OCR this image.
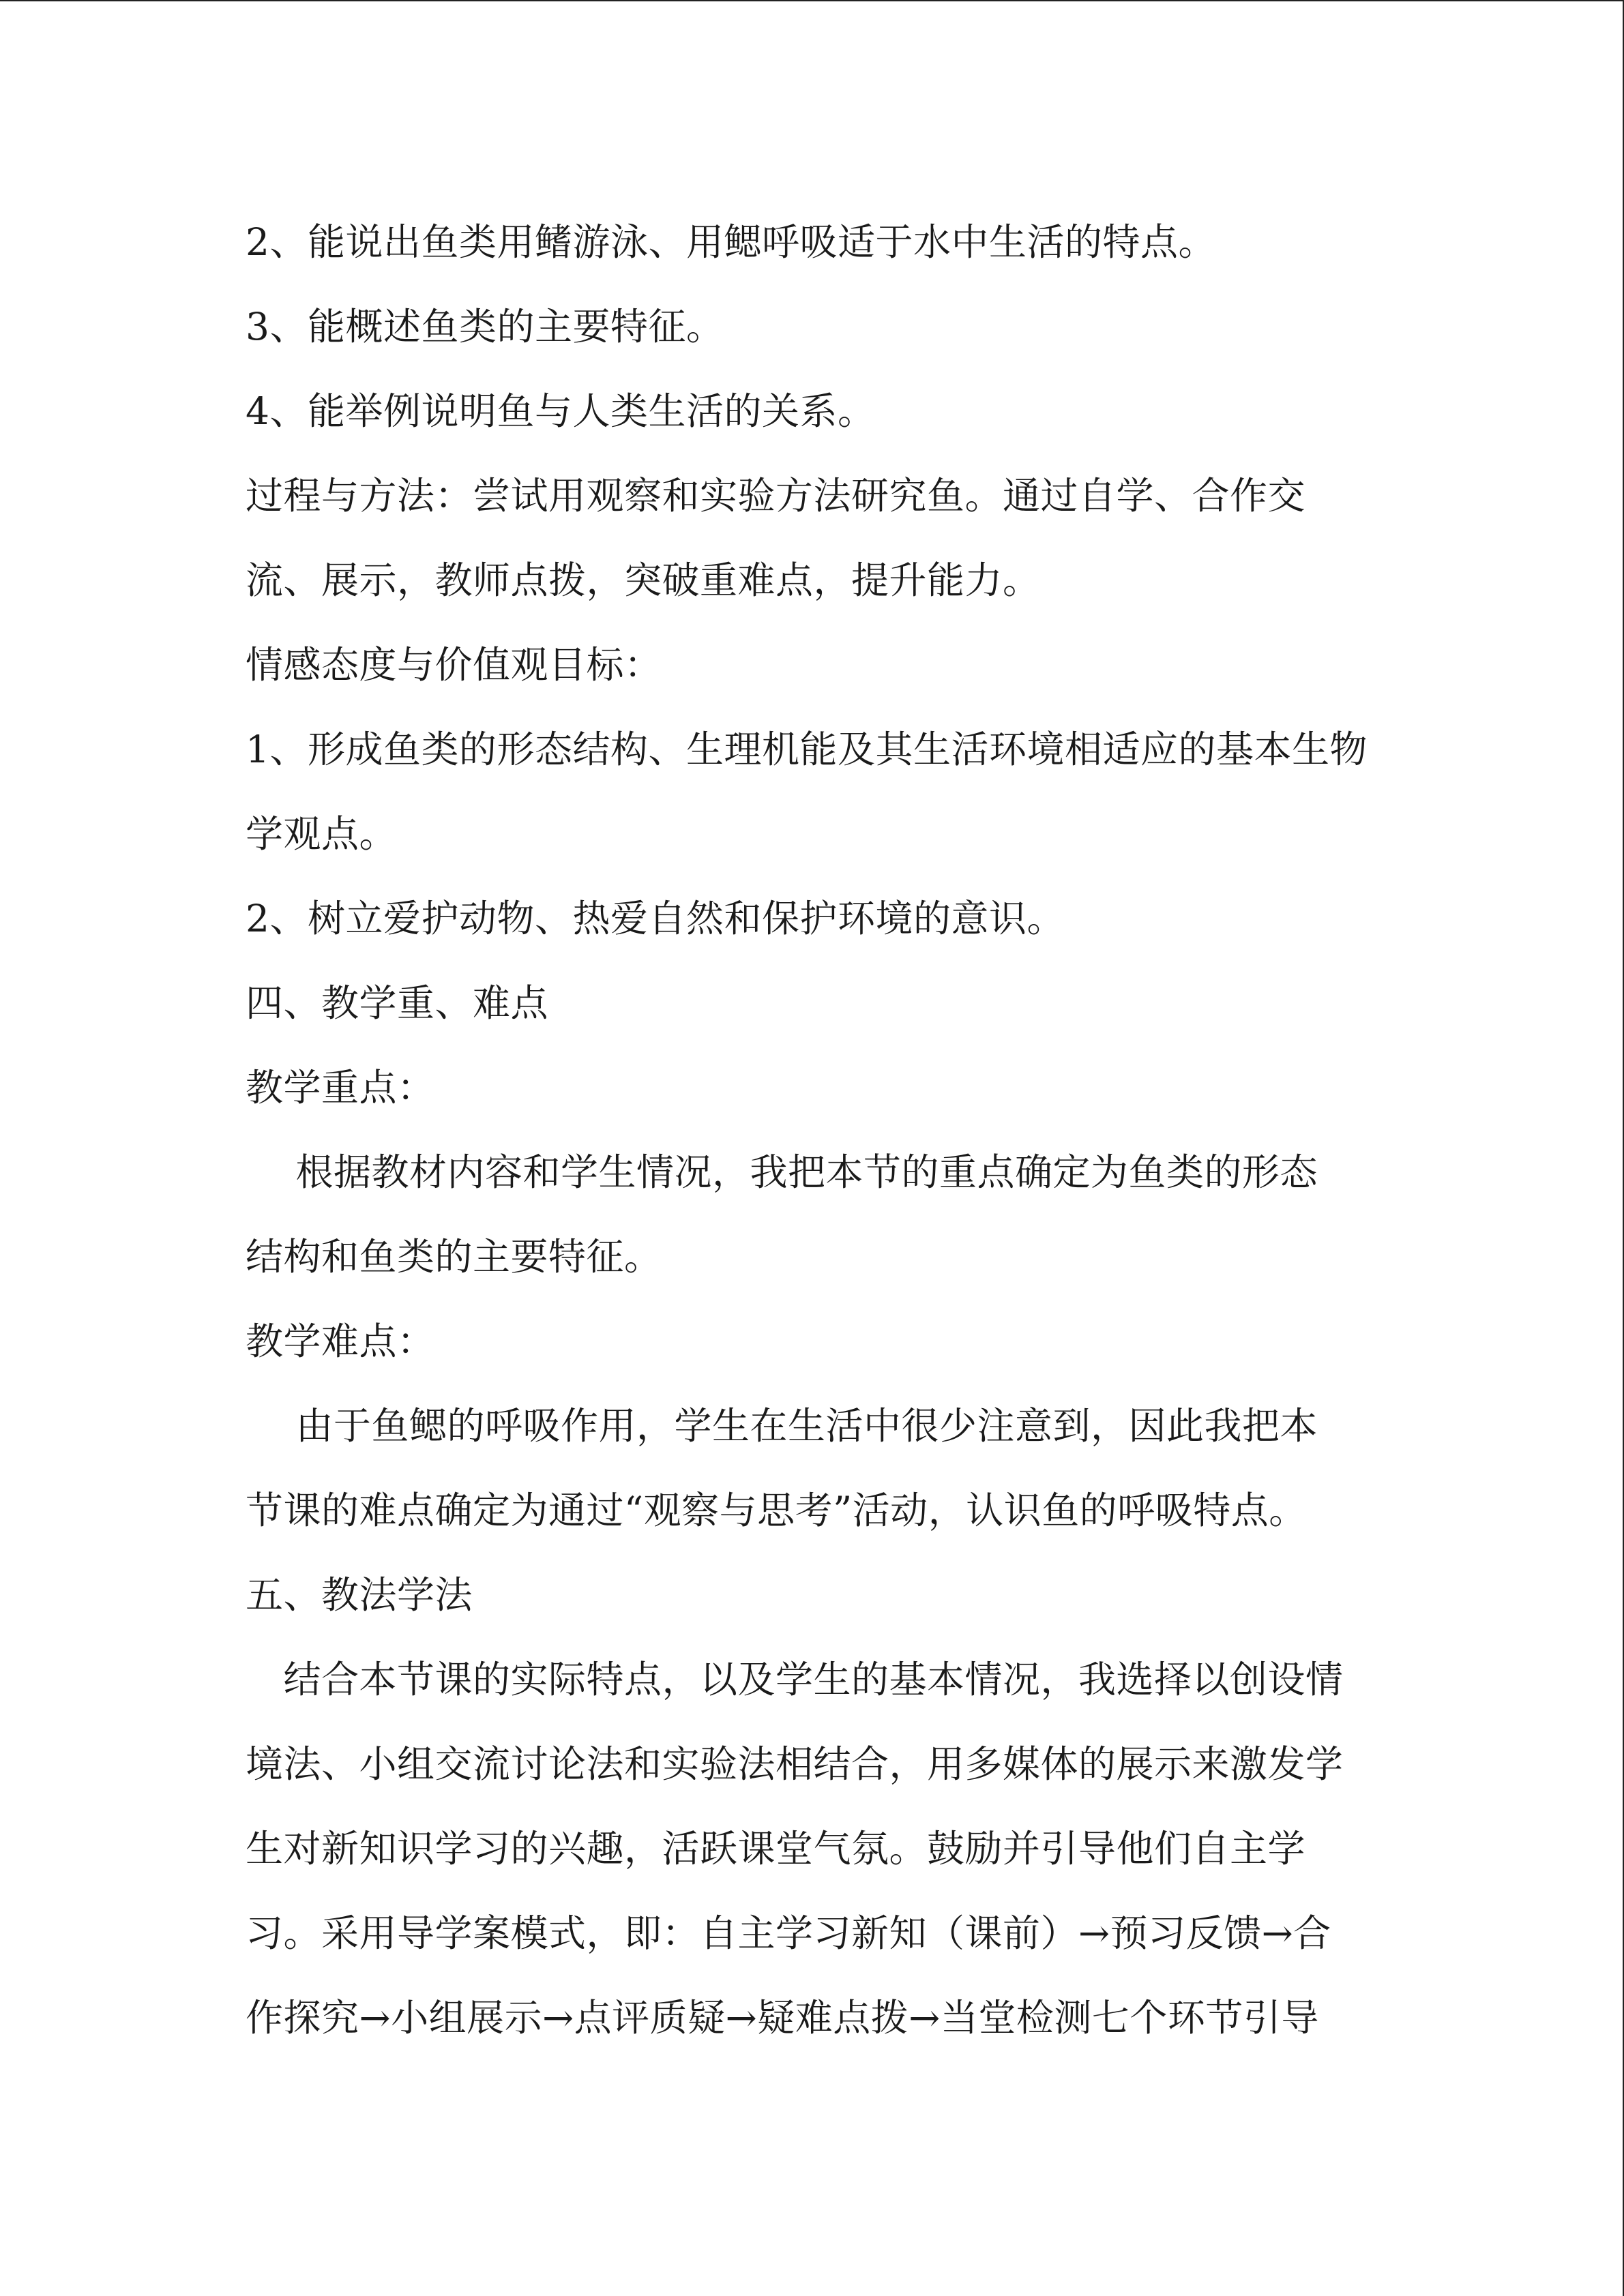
2、能说出鱼类用鳍游泳、用鳃呼吸适于水中生活的特点。
3、能概述鱼类的主要特征。
4、能举例说明鱼与人类生活的关系。
过程与方法：尝试用观察和实验方法研究鱼。通过自学、合作交
流、展示，教师点拨，突破重难点，提升能力。
情感态度与价值观目标：
1、形成鱼类的形态结构、生理机能及其生活环境相适应的基本生物
学观点。
2、树立爱护动物、热爱自然和保护环境的意识。
四、教学重、难点
教学重点：
　 根据教材内容和学生情况，我把本节的重点确定为鱼类的形态
结构和鱼类的主要特征。
教学难点：
　 由于鱼鳃的呼吸作用，学生在生活中很少注意到，因此我把本
节课的难点确定为通过“观察与思考”活动，认识鱼的呼吸特点。
五、教法学法
　结合本节课的实际特点，以及学生的基本情况，我选择以创设情
境法、小组交流讨论法和实验法相结合，用多媒体的展示来激发学
生对新知识学习的兴趣，活跃课堂气氛。鼓励并引导他们自主学
习。采用导学案模式，即：自主学习新知（课前）→预习反馈→合
作探究→小组展示→点评质疑→疑难点拨→当堂检测七个环节引导
